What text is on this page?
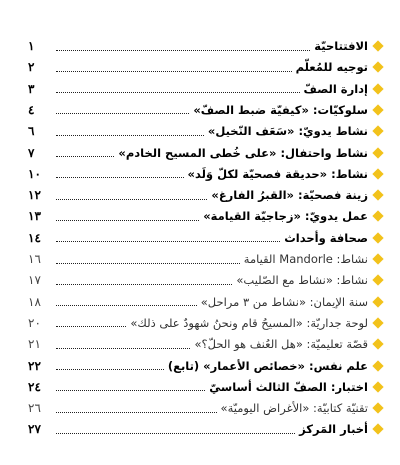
١	الافتتاحيّة
٢	توجيه للمُعلّم
٣	إدارة الصفّ
٤	سلوكيّات: «كيفيّة ضبط الصفّ»
٦	نشاط يدويّ: «سَعَف النّخيل»
٧	نشاط واحتفال: «على خُطى المسيح الخادم»
١٠	نشاط: «حديقة فصحيّة لكلّ وَلَد»
١٢	زينة فصحيّة: «القبرُ الفارغ»
١٣	عمل يدويّ: «زجاجيّة القيامة»
١٤	صحافة وأحداث
١٦	نشاط: Mandorle القيامة
١٧	نشاط: «نشاط مع الصّليب»
١٨	سنة الإيمان: «نشاط من ٣ مراحل»
٢٠	لوحة جداريّة: «المسيحُ قام ونحنُ شهودٌ على ذلك»
٢١	قصّة تعليميّة: «هل العُنف هو الحلّ؟»
٢٢	علم نفس: «خصائص الأعمار» (تابع)
٢٤	اختبار: الصفّ الثالث أساسيّ
٢٦	تقنيّة كتابيّة: «الأغراض اليوميّة»
٢٧	أخبار المَركز
